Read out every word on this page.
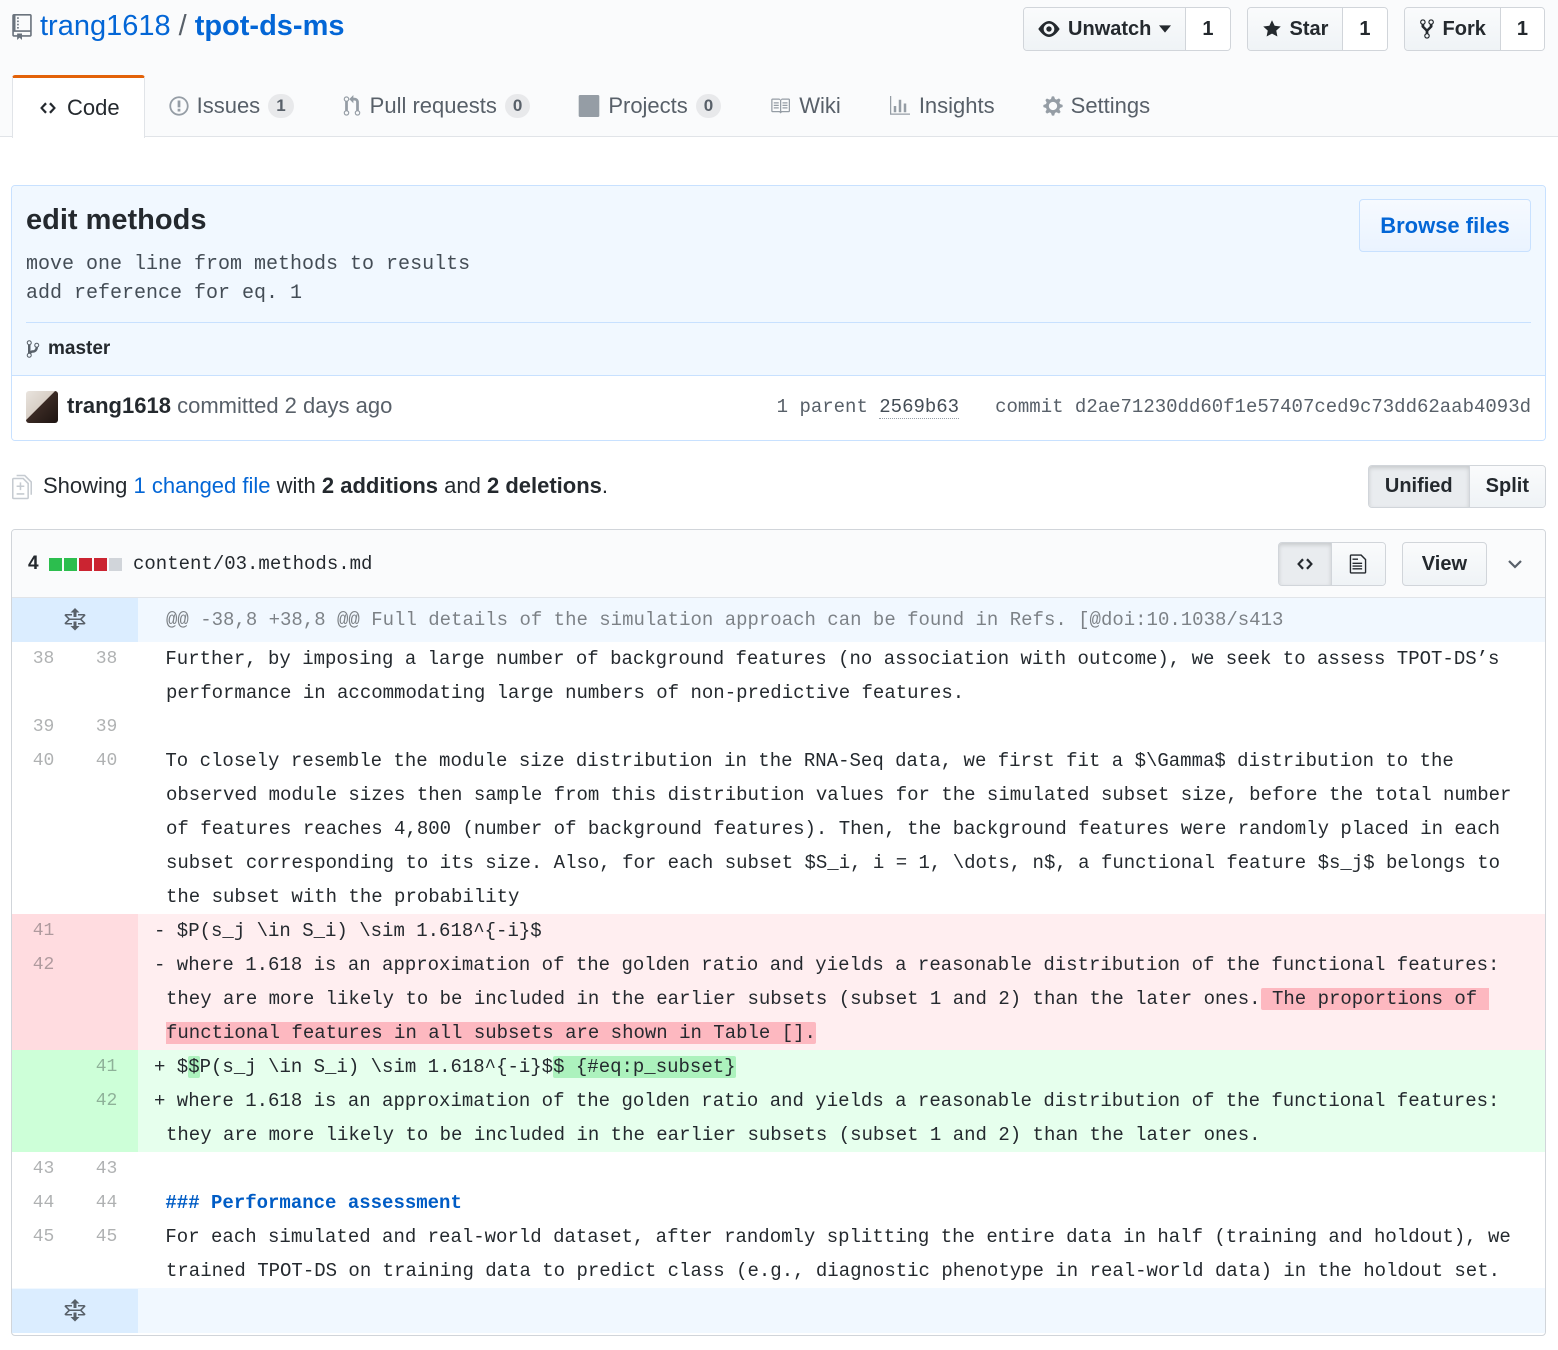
trang1618 / tpot-ds-ms	Unwatch	1	Star	1	Fork	1
Code	Issues 1	Pull requests 0	Projects 0	Wiki	Insights	Settings
edit methods
move one line from methods to results
add reference for eq. 1
Browse files
master
trang1618 committed 2 days ago	1 parent 2569b63 commit d2ae71230dd60f1e57407ced9c73dd62aab4093d
Showing 1 changed file with 2 additions and 2 deletions.	Unified	Split
4	content/03.methods.md	View
@@ -38,8 +38,8 @@ Full details of the simulation approach can be found in Refs. [@doi:10.1038/s413
38	38	Further, by imposing a large number of background features (no association with outcome), we seek to assess TPOT-DS’s performance in accommodating large numbers of non-predictive features.
39	39

40	40	To closely resemble the module size distribution in the RNA-Seq data, we first fit a $\Gamma$ distribution to the observed module sizes then sample from this distribution values for the simulated subset size, before the total number of features reaches 4,800 (number of background features). Then, the background features were randomly placed in each subset corresponding to its size. Also, for each subset $S_i, i = 1, \dots, n$, a functional feature $s_j$ belongs to the subset with the probability
41	- $P(s_j \in S_i) \sim 1.618^{-i}$
42	- where 1.618 is an approximation of the golden ratio and yields a reasonable distribution of the functional features: they are more likely to be included in the earlier subsets (subset 1 and 2) than the later ones. The proportions of functional features in all subsets are shown in Table [].
41	+ $$P(s_j \in S_i) \sim 1.618^{-i}$$ {#eq:p_subset}
42	+ where 1.618 is an approximation of the golden ratio and yields a reasonable distribution of the functional features: they are more likely to be included in the earlier subsets (subset 1 and 2) than the later ones.
43	43

44	44	### Performance assessment
45	45	For each simulated and real-world dataset, after randomly splitting the entire data in half (training and holdout), we trained TPOT-DS on training data to predict class (e.g., diagnostic phenotype in real-world data) in the holdout set.
